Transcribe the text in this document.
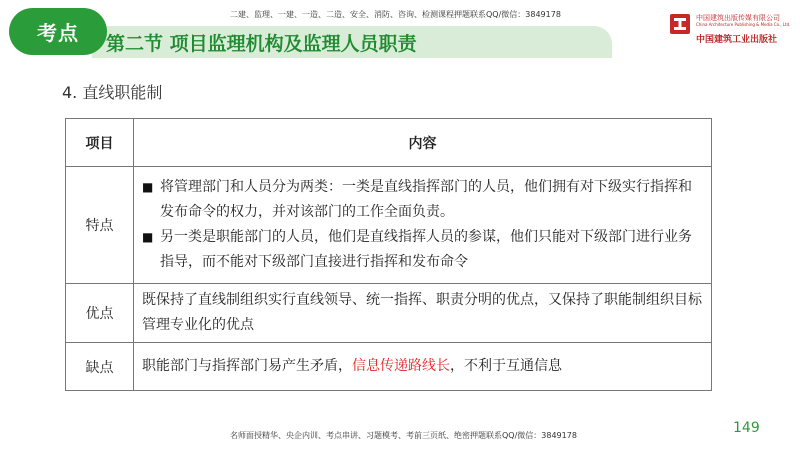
考点 第二节 项目监理机构及监理人员职责
二建、监理、一建、一造、二造、安全、消防、咨询、检测课程押题联系QQ/微信：3849178	中国建筑出版传媒有限公司
China Architecture Publishing & Media Co., Ltd.
中国建筑工业出版社
4. 直线职能制
项目	内容
特点	■ 将管理部门和人员分为两类：一类是直线指挥部门的人员，他们拥有对下级实行指挥和发布命令的权力，并对该部门的工作全面负责。
■ 另一类是职能部门的人员，他们是直线指挥人员的参谋，他们只能对下级部门进行业务指导，而不能对下级部门直接进行指挥和发布命令

优点	既保持了直线制组织实行直线领导、统一指挥、职责分明的优点，又保持了职能制组织目标管理专业化的优点

缺点	职能部门与指挥部门易产生矛盾，信息传递路线长，不利于互通信息
名师面授精华、央企内训、考点串讲、习题模考、考前三页纸、绝密押题联系QQ/微信：3849178	149
